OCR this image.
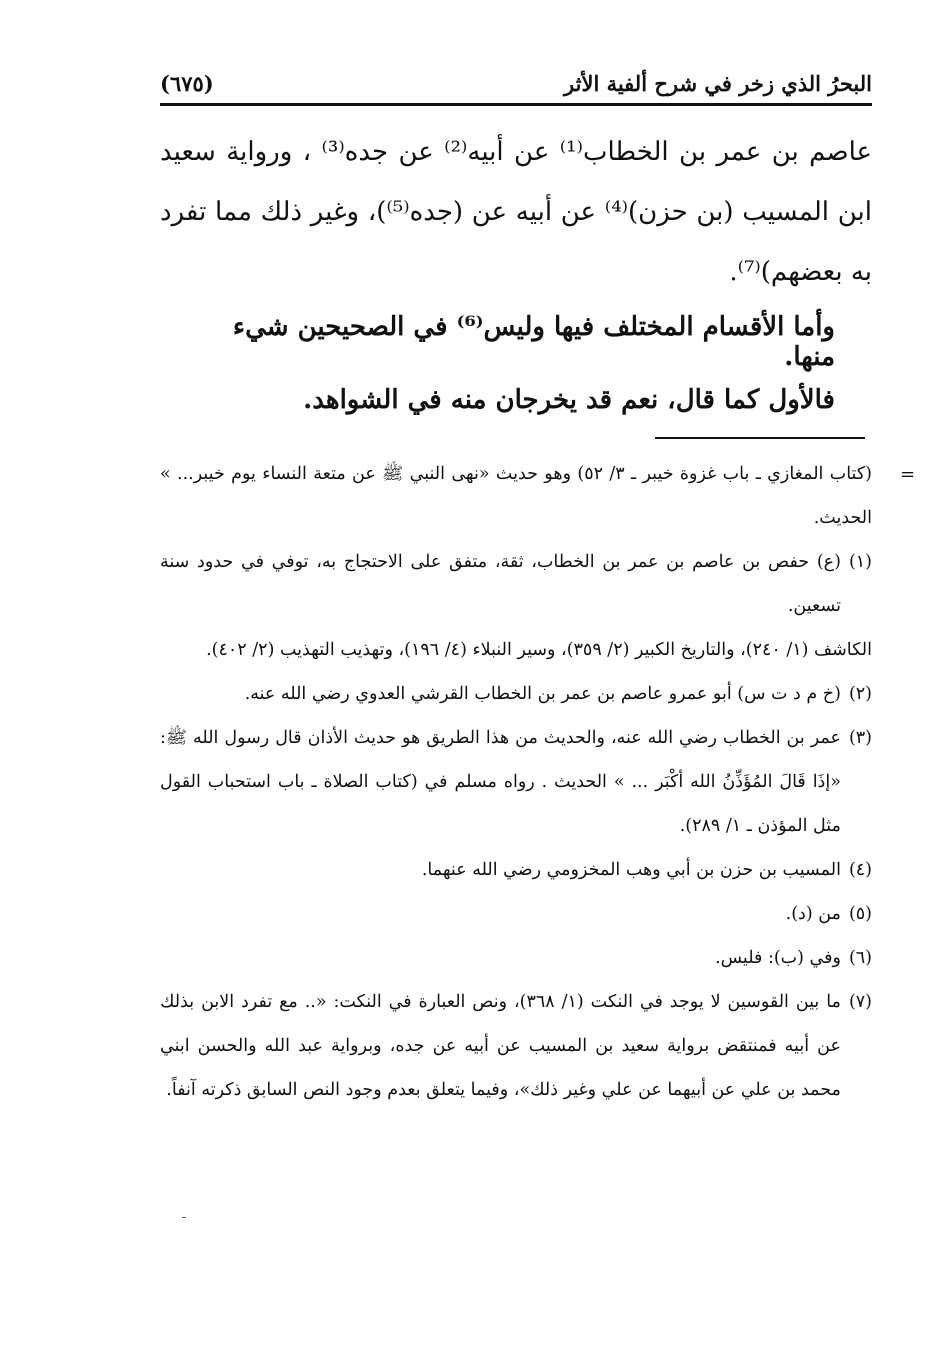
(٦٧٥)	البحرُ الذي زخر في شرح ألفية الأثر

عاصم بن عمر بن الخطاب⁽¹⁾ عن أبيه⁽²⁾ عن جده⁽³⁾ ، ورواية سعيد ابن المسيب (بن حزن)⁽⁴⁾ عن أبيه عن (جده⁽⁵⁾)، وغير ذلك مما تفرد به بعضهم)⁽⁷⁾.

وأما الأقسام المختلف فيها وليس⁽⁶⁾ في الصحيحين شيء منها.
فالأول كما قال، نعم قد يخرجان منه في الشواهد.
=
(كتاب المغازي ـ باب غزوة خيبر ـ ٣/ ٥٢) وهو حديث «نهى النبي ﷺ عن متعة النساء يوم خيبر... » الحديث.
(١)
(ع) حفص بن عاصم بن عمر بن الخطاب، ثقة، متفق على الاحتجاج به، توفي في حدود سنة تسعين.
الكاشف (١/ ٢٤٠)، والتاريخ الكبير (٢/ ٣٥٩)، وسير النبلاء (٤/ ١٩٦)، وتهذيب التهذيب (٢/ ٤٠٢).
(٢)
(خ م د ت س) أبو عمرو عاصم بن عمر بن الخطاب القرشي العدوي رضي الله عنه.
(٣)
عمر بن الخطاب رضي الله عنه، والحديث من هذا الطريق هو حديث الأذان قال رسول الله ﷺ: «إذَا قَالَ المُؤَذِّنُ الله أكْبَر ... » الحديث . رواه مسلم في (كتاب الصلاة ـ باب استحباب القول مثل المؤذن ـ ١/ ٢٨٩).
(٤)
المسيب بن حزن بن أبي وهب المخزومي رضي الله عنهما.
(٥)
من (د).
(٦)
وفي (ب): فليس.
(٧)
ما بين القوسين لا يوجد في النكت (١/ ٣٦٨)، ونص العبارة في النكت: «.. مع تفرد الابن بذلك عن أبيه فمنتقض برواية سعيد بن المسيب عن أبيه عن جده، وبرواية عبد الله والحسن ابني محمد بن علي عن أبيهما عن علي وغير ذلك»، وفيما يتعلق بعدم وجود النص السابق ذكرته آنفاً.
